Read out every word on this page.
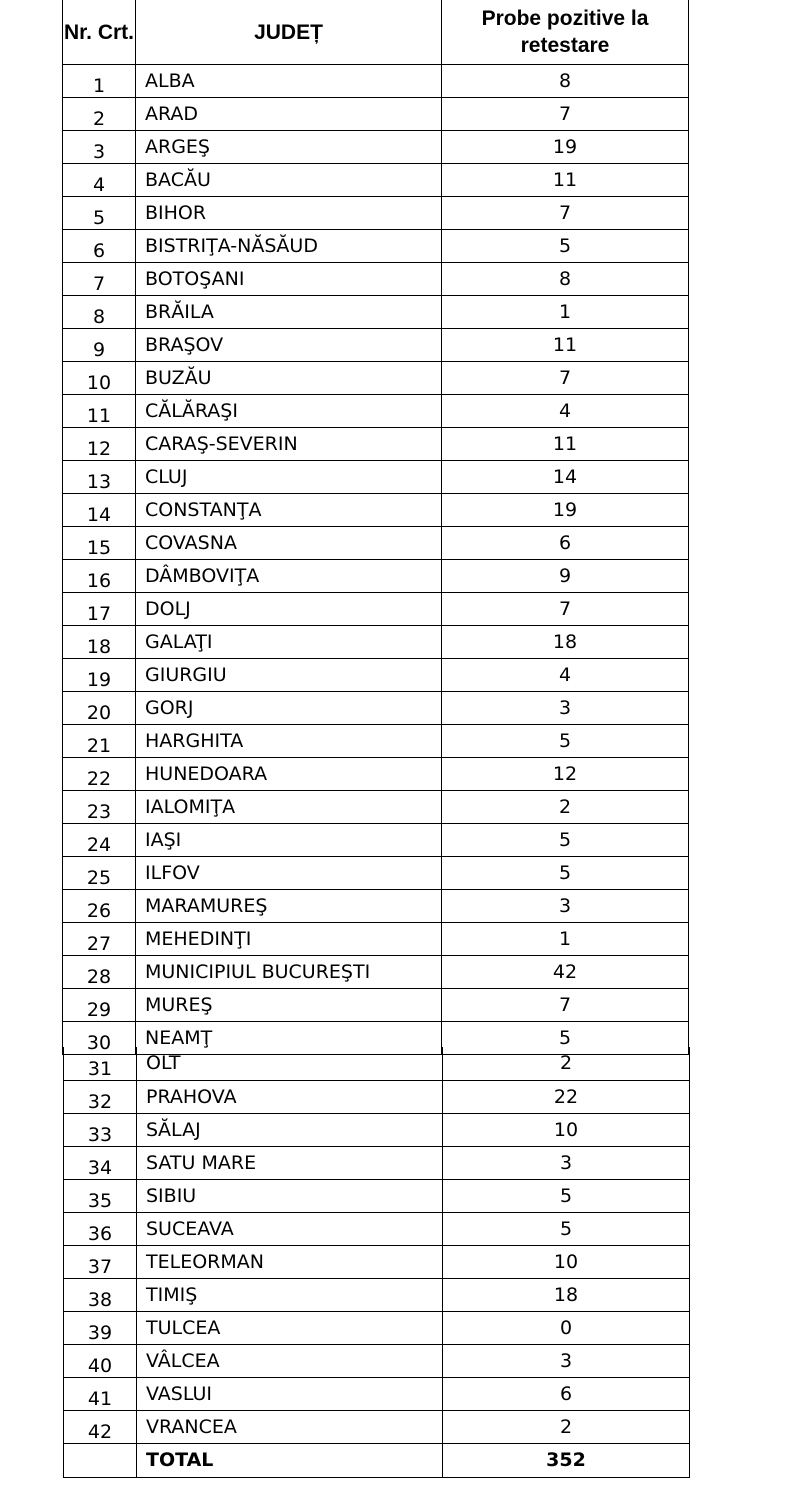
Nr. Crt.	JUDEȚ	Probe pozitive la retestare
1	ALBA	8
2	ARAD	7
3	ARGEŞ	19
4	BACĂU	11
5	BIHOR	7
6	BISTRIŢA-NĂSĂUD	5
7	BOTOŞANI	8
8	BRĂILA	1
9	BRAŞOV	11
10	BUZĂU	7
11	CĂLĂRAŞI	4
12	CARAŞ-SEVERIN	11
13	CLUJ	14
14	CONSTANŢA	19
15	COVASNA	6
16	DÂMBOVIŢA	9
17	DOLJ	7
18	GALAŢI	18
19	GIURGIU	4
20	GORJ	3
21	HARGHITA	5
22	HUNEDOARA	12
23	IALOMIŢA	2
24	IAŞI	5
25	ILFOV	5
26	MARAMUREŞ	3
27	MEHEDINŢI	1
28	MUNICIPIUL BUCUREŞTI	42
29	MUREŞ	7
30	NEAMŢ	5
31	OLT	2
32	PRAHOVA	22
33	SĂLAJ	10
34	SATU MARE	3
35	SIBIU	5
36	SUCEAVA	5
37	TELEORMAN	10
38	TIMIŞ	18
39	TULCEA	0
40	VÂLCEA	3
41	VASLUI	6
42	VRANCEA	2
	TOTAL	352
